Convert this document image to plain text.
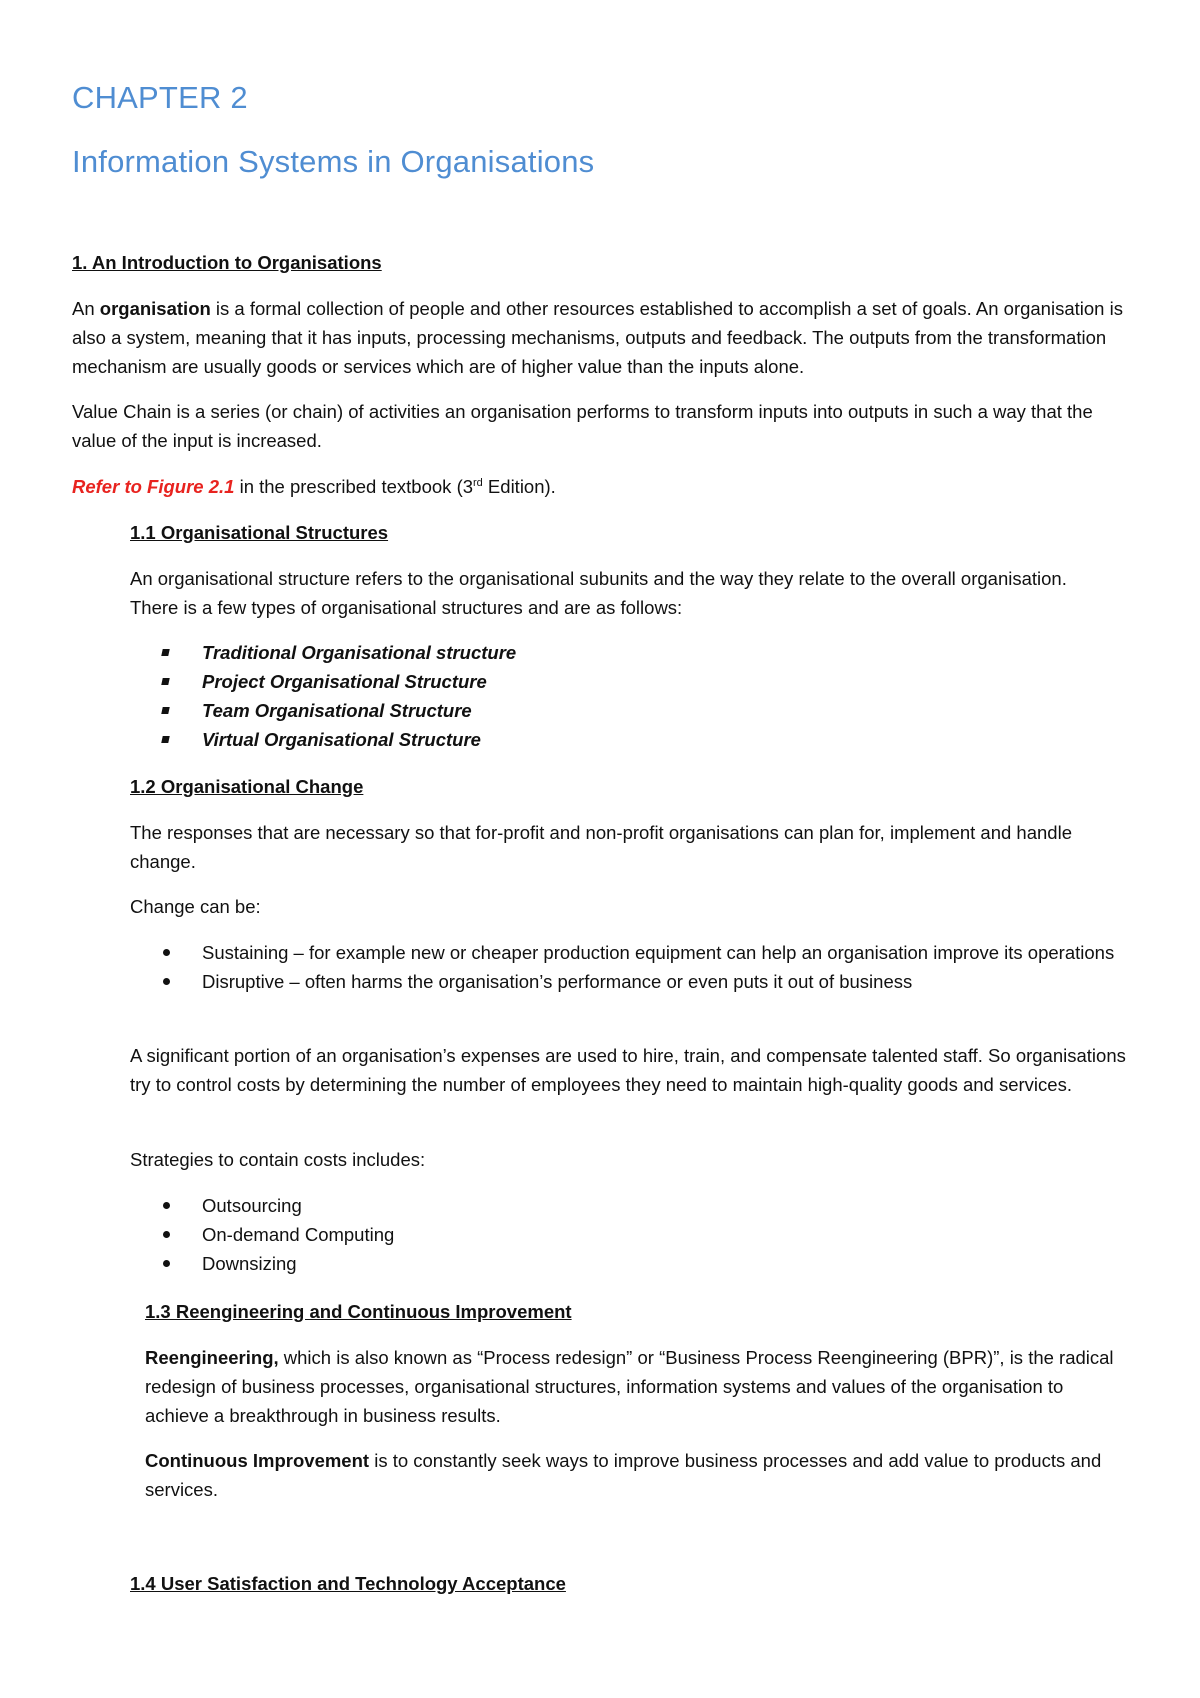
CHAPTER 2
Information Systems in Organisations
1. An Introduction to Organisations
An organisation is a formal collection of people and other resources established to accomplish a set of goals. An organisation is also a system, meaning that it has inputs, processing mechanisms, outputs and feedback. The outputs from the transformation mechanism are usually goods or services which are of higher value than the inputs alone.
Value Chain is a series (or chain) of activities an organisation performs to transform inputs into outputs in such a way that the value of the input is increased.
Refer to Figure 2.1 in the prescribed textbook (3rd Edition).
1.1 Organisational Structures
An organisational structure refers to the organisational subunits and the way they relate to the overall organisation. There is a few types of organisational structures and are as follows:
Traditional Organisational structure
Project Organisational Structure
Team Organisational Structure
Virtual Organisational Structure
1.2 Organisational Change
The responses that are necessary so that for-profit and non-profit organisations can plan for, implement and handle change.
Change can be:
Sustaining – for example new or cheaper production equipment can help an organisation improve its operations
Disruptive – often harms the organisation’s performance or even puts it out of business
A significant portion of an organisation’s expenses are used to hire, train, and compensate talented staff. So organisations try to control costs by determining the number of employees they need to maintain high-quality goods and services.
Strategies to contain costs includes:
Outsourcing
On-demand Computing
Downsizing
1.3 Reengineering and Continuous Improvement
Reengineering, which is also known as “Process redesign” or “Business Process Reengineering (BPR)”, is the radical redesign of business processes, organisational structures, information systems and values of the organisation to achieve a breakthrough in business results.
Continuous Improvement is to constantly seek ways to improve business processes and add value to products and services.
1.4 User Satisfaction and Technology Acceptance
